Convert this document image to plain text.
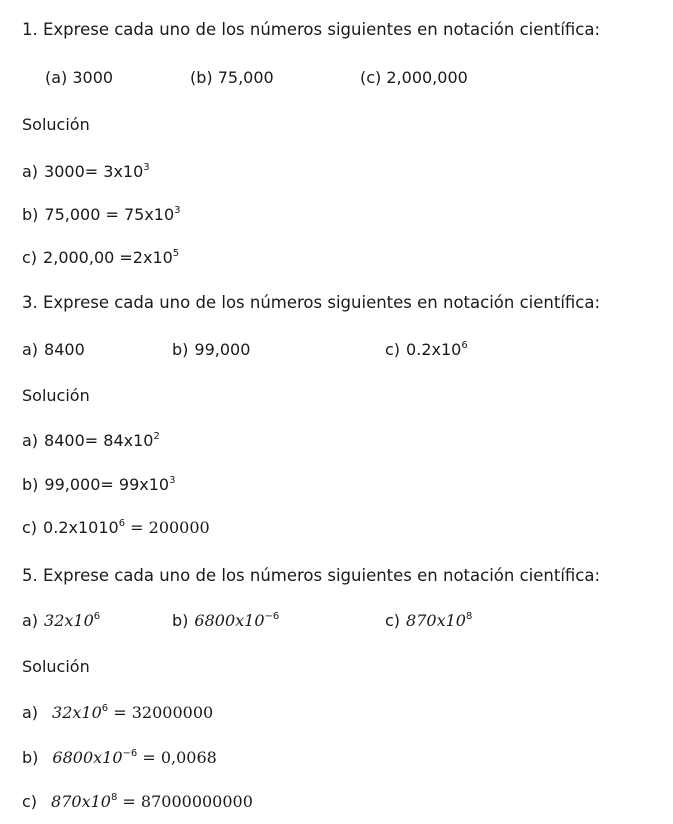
1. Exprese cada uno de los números siguientes en notación científica:
(a) 3000	(b) 75,000	(c) 2,000,000
Solución
a) $3000= 3x10^3$
b) $75,000 = 75x10^3$
c) $2,000,00 =2x10^5$
3. Exprese cada uno de los números siguientes en notación científica:
a) 8400	b) 99,000	c) $0.2x10^6$
Solución
a) $8400= 84x10^2$
b) $99,000= 99x10^3$
c) $0.2x1010^6 = 200000$
5. Exprese cada uno de los números siguientes en notación científica:
a) $32x10^6$	b) $6800x10^{-6}$	c) $870x10^8$
Solución
a) $32x10^6 = 32000000$
b) $6800x10^{-6} = 0,0068$
c) $870x10^8 = 87000000000$
